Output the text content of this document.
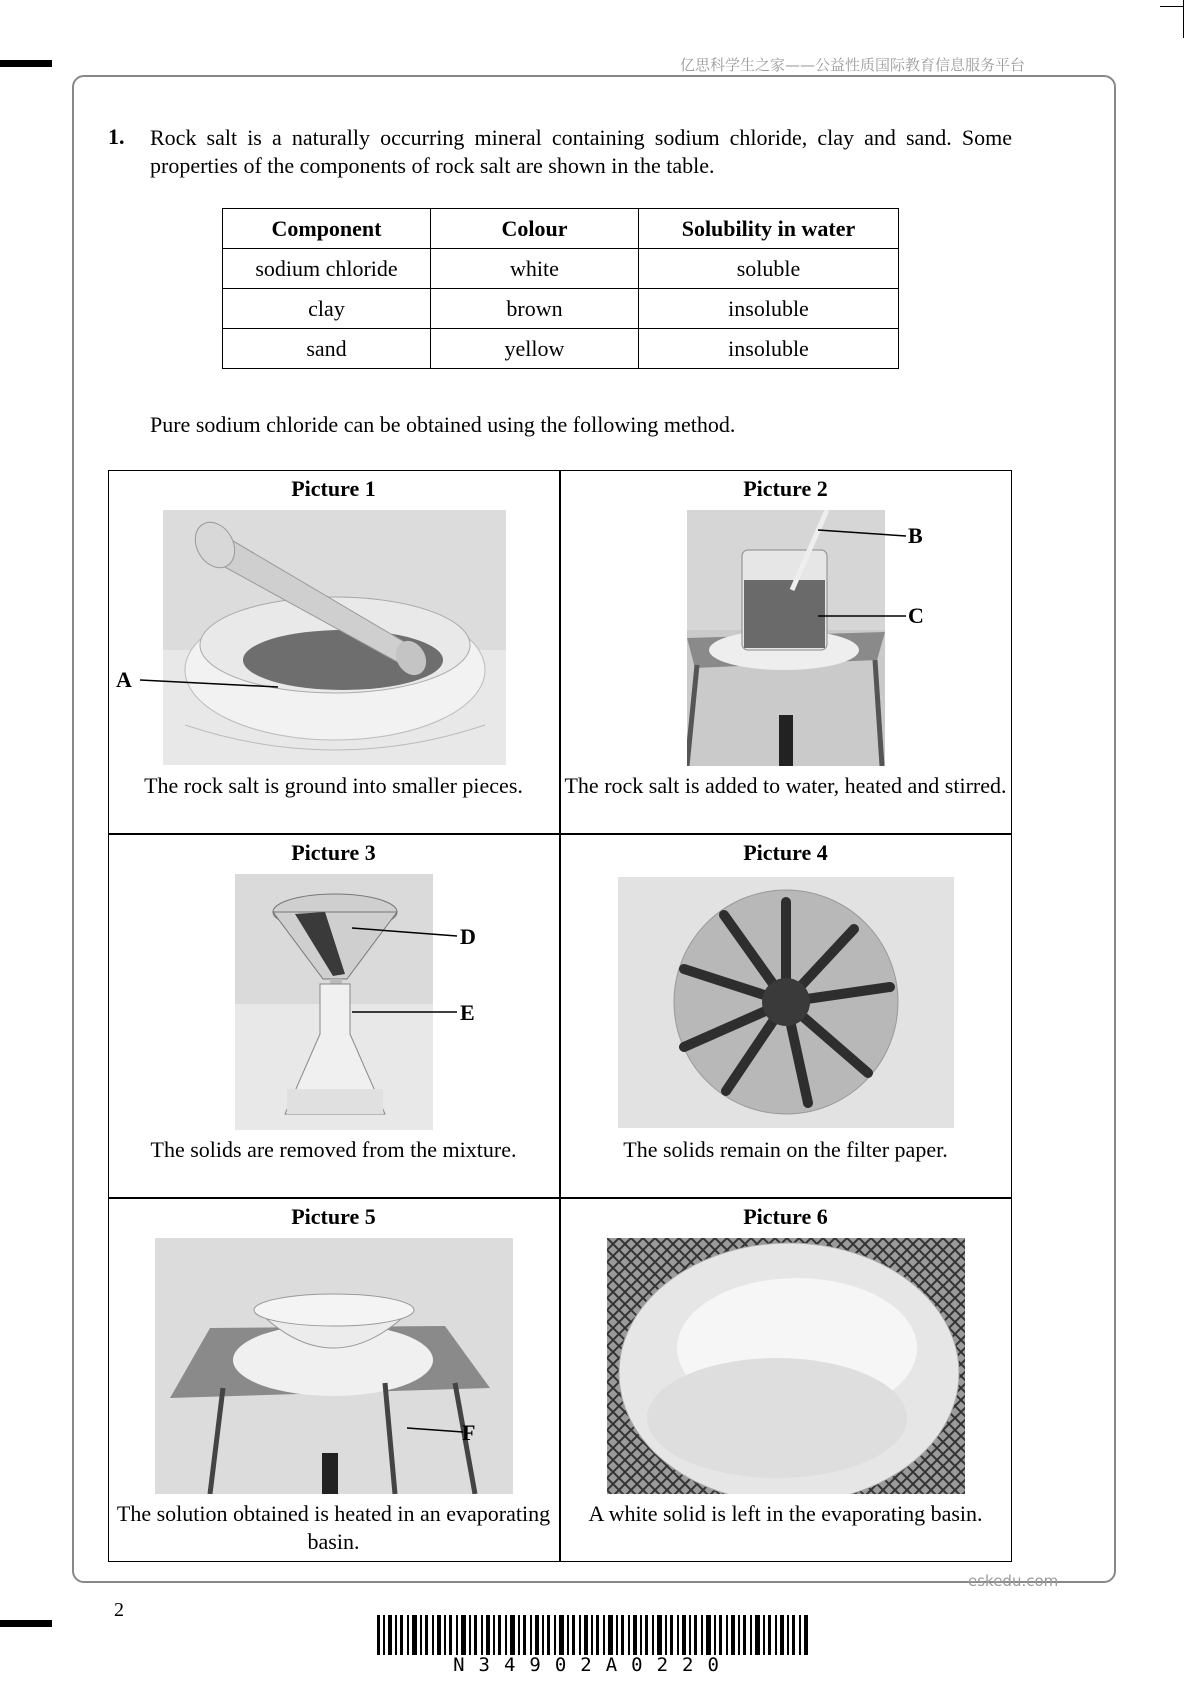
亿思科学生之家——公益性质国际教育信息服务平台
1. Rock salt is a naturally occurring mineral containing sodium chloride, clay and sand. Some properties of the components of rock salt are shown in the table.
Component	Colour	Solubility in water
sodium chloride	white	soluble
clay	brown	insoluble
sand	yellow	insoluble
Pure sodium chloride can be obtained using the following method.
Picture 1
A
The rock salt is ground into smaller pieces.
Picture 2
B
C
The rock salt is added to water, heated and stirred.
Picture 3
D
E
The solids are removed from the mixture.
Picture 4
The solids remain on the filter paper.
Picture 5
F
The solution obtained is heated in an evaporating basin.
Picture 6
A white solid is left in the evaporating basin.
eskedu.com
2
N34902A0220
